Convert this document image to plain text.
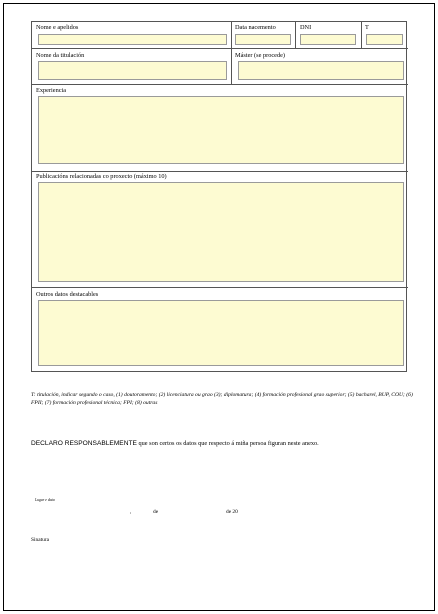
Nome e apelidos	Data nacemento	DNI	T
Nome da titulación	Máster (se procede)
Experiencia
Publicacións relacionadas co proxecto (máximo 10)
Outros datos destacables
T: titulación, indicar segundo o caso, (1) doutoramento; (2) licenciatura ou grao (3); diplomatura; (4) formación profesional grao superior; (5) bacharel, BUP, COU; (6) FPII; (7) formación profesional técnica; FPI; (8) outras
DECLARO RESPONSABLEMENTE que son certos os datos que respecto á miña persoa figuran neste anexo.
Lugar e data
,	de	de 20
Sinatura
